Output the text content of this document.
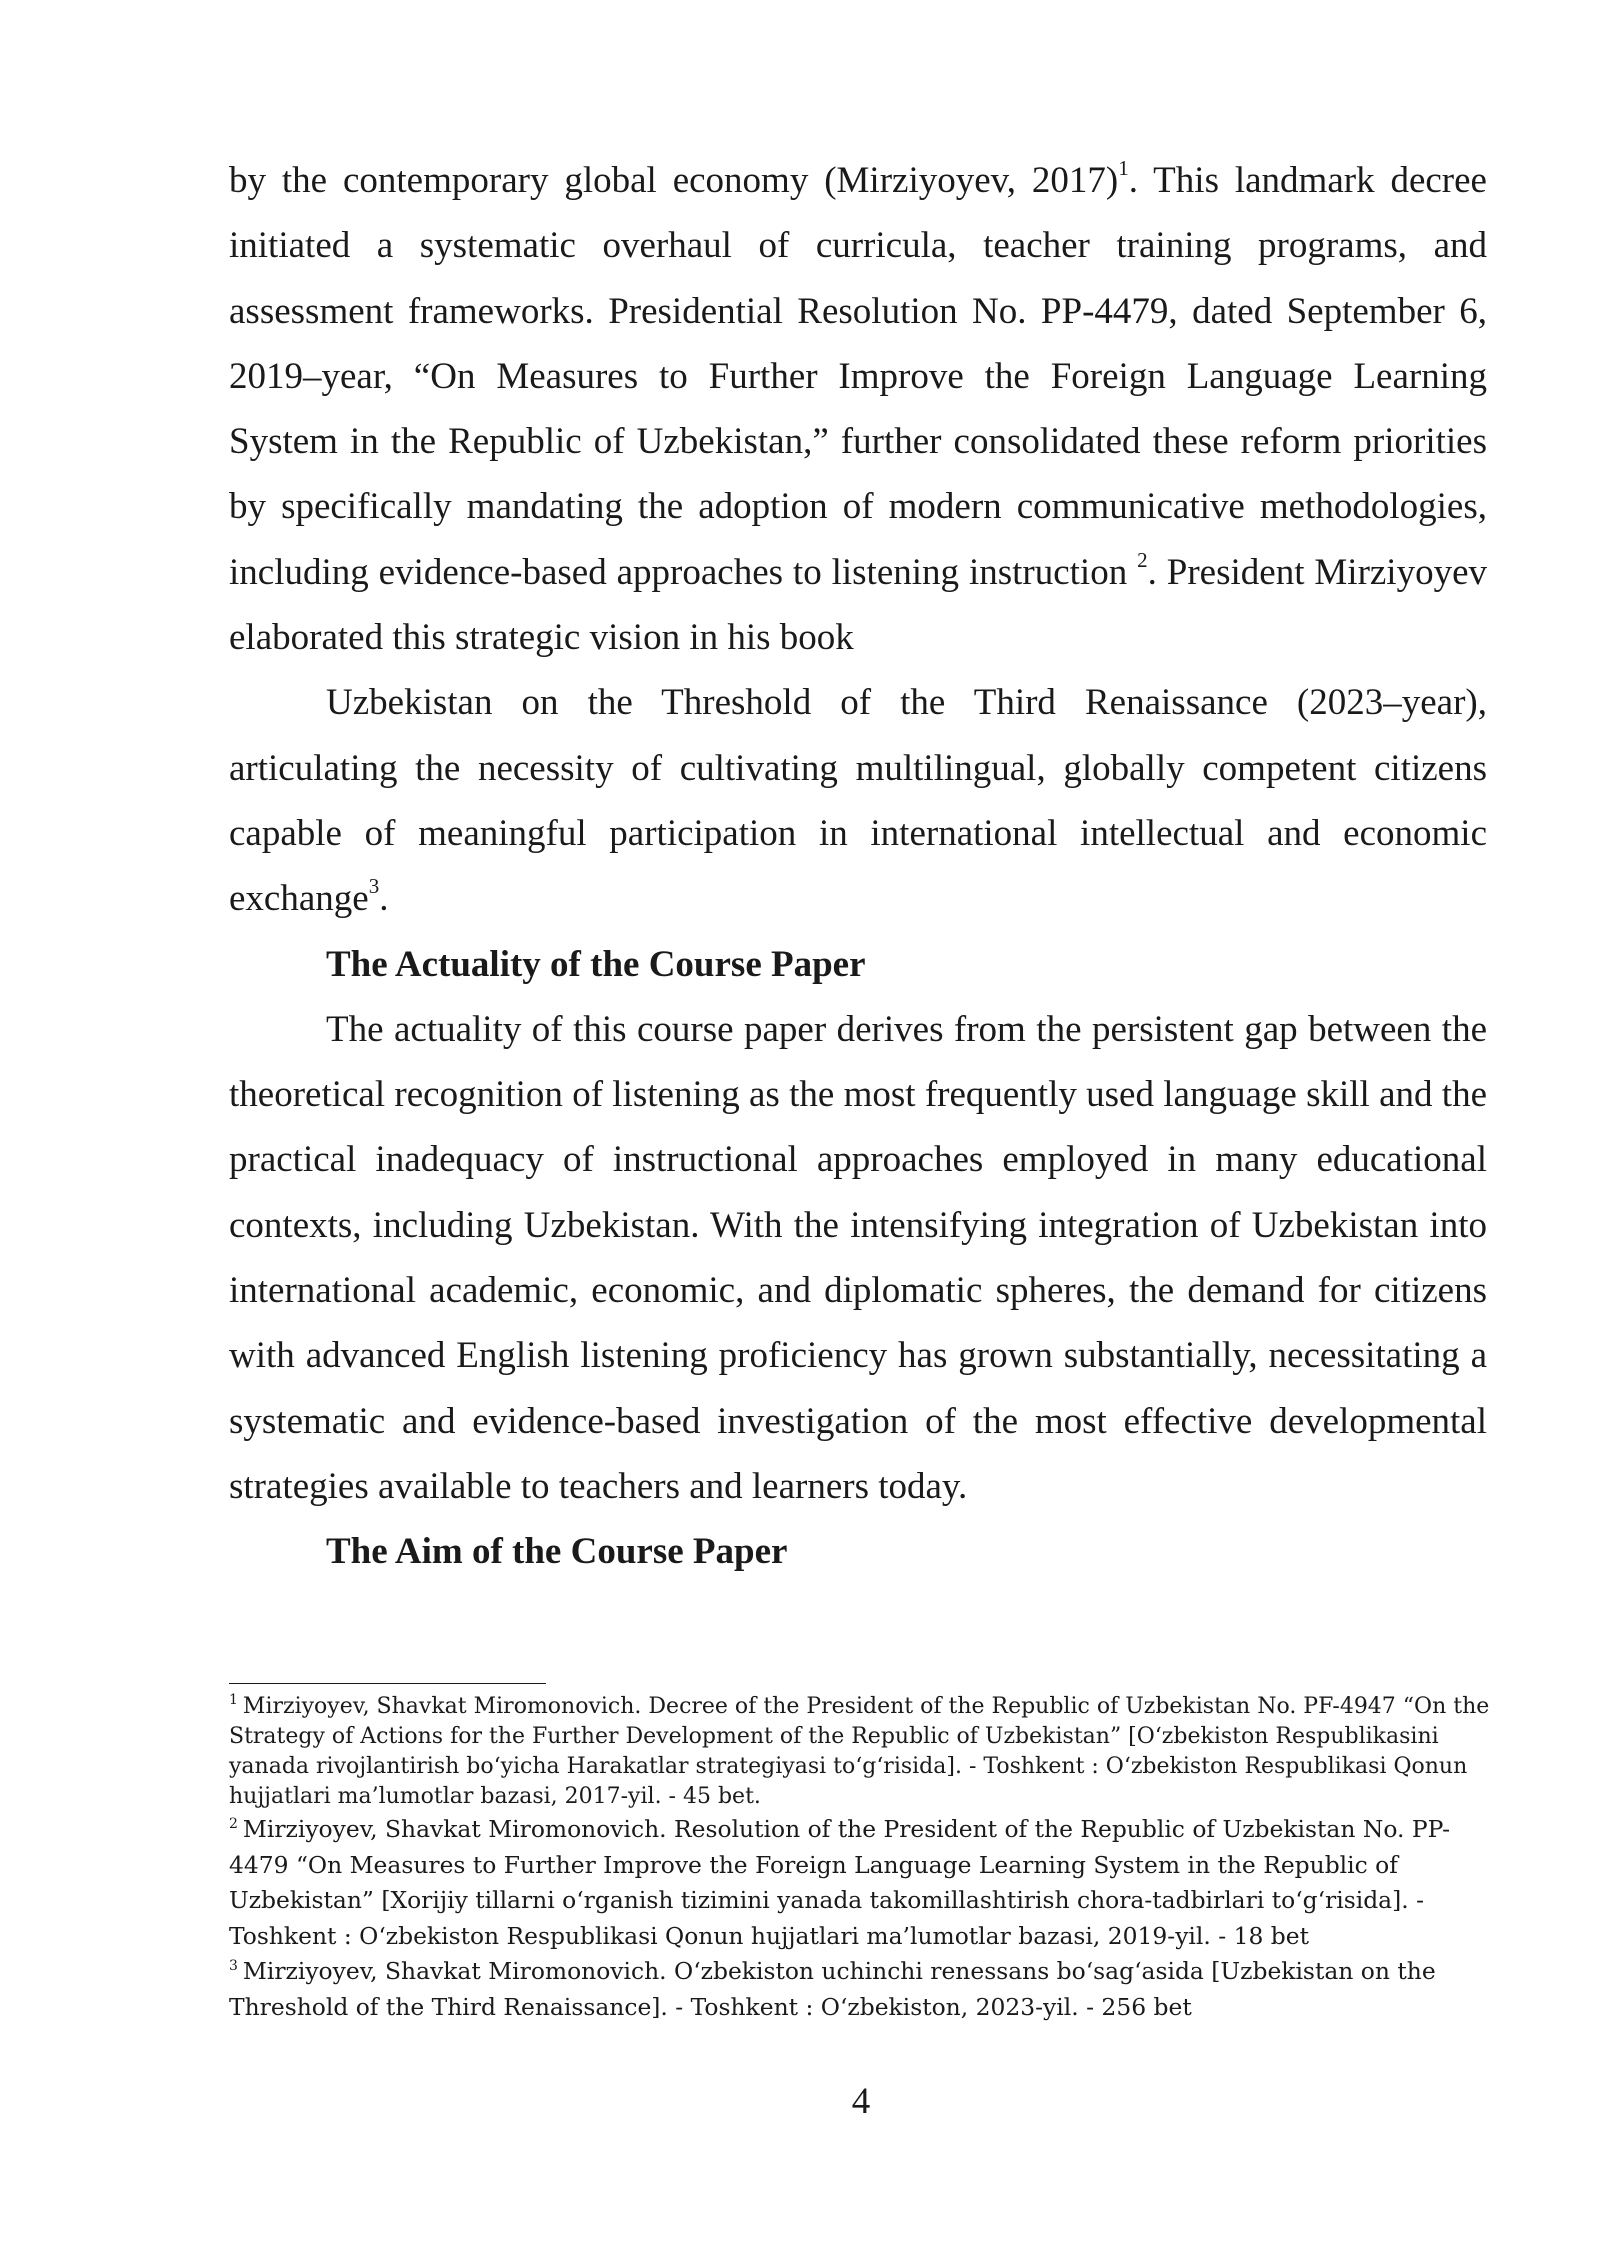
by the contemporary global economy (Mirziyoyev, 2017)$^1$. This landmark decree initiated a systematic overhaul of curricula, teacher training programs, and assessment frameworks. Presidential Resolution No. PP-4479, dated September 6, 2019–year, “On Measures to Further Improve the Foreign Language Learning System in the Republic of Uzbekistan,” further consolidated these reform priorities by specifically mandating the adoption of modern communicative methodologies, including evidence-based approaches to listening instruction $^2$. President Mirziyoyev elaborated this strategic vision in his book

Uzbekistan on the Threshold of the Third Renaissance (2023–year), articulating the necessity of cultivating multilingual, globally competent citizens capable of meaningful participation in international intellectual and economic exchange$^3$.

The Actuality of the Course Paper

The actuality of this course paper derives from the persistent gap between the theoretical recognition of listening as the most frequently used language skill and the practical inadequacy of instructional approaches employed in many educational contexts, including Uzbekistan. With the intensifying integration of Uzbekistan into international academic, economic, and diplomatic spheres, the demand for citizens with advanced English listening proficiency has grown substantially, necessitating a systematic and evidence-based investigation of the most effective developmental strategies available to teachers and learners today.

The Aim of the Course Paper

$^1$ Mirziyoyev, Shavkat Miromonovich. Decree of the President of the Republic of Uzbekistan No. PF-4947 “On the Strategy of Actions for the Further Development of the Republic of Uzbekistan” [O‘zbekiston Respublikasini yanada rivojlantirish bo‘yicha Harakatlar strategiyasi to‘g‘risida]. - Toshkent : O‘zbekiston Respublikasi Qonun hujjatlari ma’lumotlar bazasi, 2017-yil. - 45 bet.

$^2$ Mirziyoyev, Shavkat Miromonovich. Resolution of the President of the Republic of Uzbekistan No. PP-4479 “On Measures to Further Improve the Foreign Language Learning System in the Republic of Uzbekistan” [Xorijiy tillarni o‘rganish tizimini yanada takomillashtirish chora-tadbirlari to‘g‘risida]. - Toshkent : O‘zbekiston Respublikasi Qonun hujjatlari ma’lumotlar bazasi, 2019-yil. - 18 bet

$^3$ Mirziyoyev, Shavkat Miromonovich. O‘zbekiston uchinchi renessans bo‘sag‘asida [Uzbekistan on the Threshold of the Third Renaissance]. - Toshkent : O‘zbekiston, 2023-yil. - 256 bet

4
